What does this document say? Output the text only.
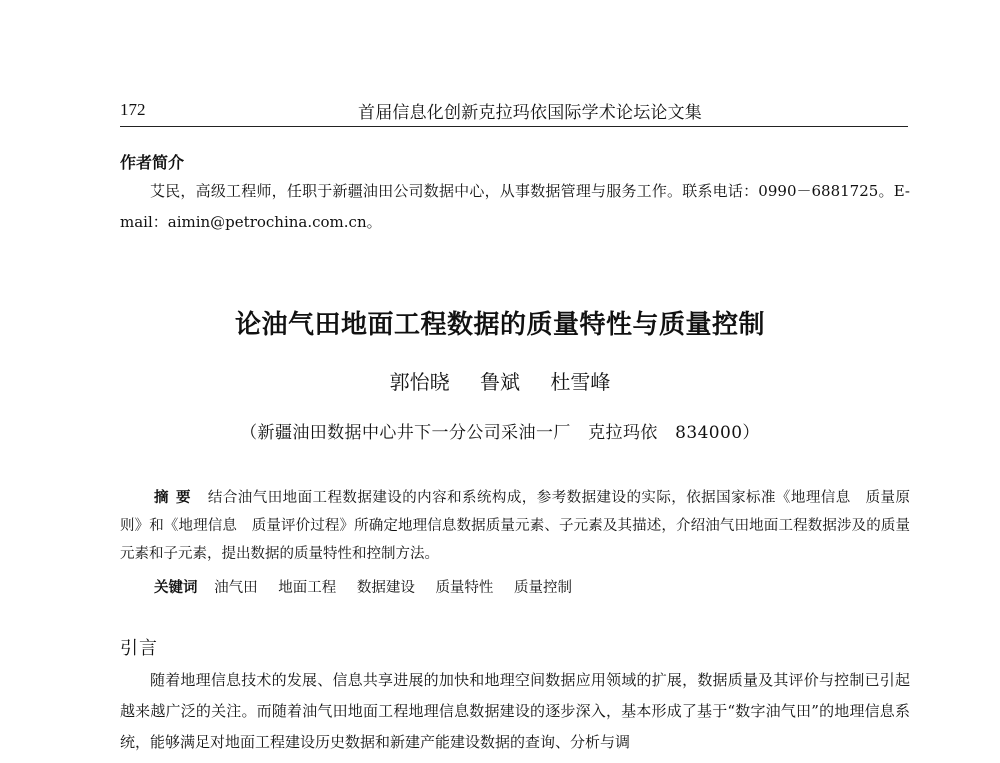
172	首届信息化创新克拉玛依国际学术论坛论文集
作者简介
艾民，高级工程师，任职于新疆油田公司数据中心，从事数据管理与服务工作。联系电话：0990－6881725。E-mail：aimin@petrochina.com.cn。
论油气田地面工程数据的质量特性与质量控制
郭怡晓 鲁斌 杜雪峰
（新疆油田数据中心井下一分公司采油一厂　克拉玛依　834000）
摘要 结合油气田地面工程数据建设的内容和系统构成，参考数据建设的实际，依据国家标准《地理信息　质量原则》和《地理信息　质量评价过程》所确定地理信息数据质量元素、子元素及其描述，介绍油气田地面工程数据涉及的质量元素和子元素，提出数据的质量特性和控制方法。
关键词 油气田 地面工程 数据建设 质量特性 质量控制
引言
随着地理信息技术的发展、信息共享进展的加快和地理空间数据应用领域的扩展，数据质量及其评价与控制已引起越来越广泛的关注。而随着油气田地面工程地理信息数据建设的逐步深入，基本形成了基于“数字油气田”的地理信息系统，能够满足对地面工程建设历史数据和新建产能建设数据的查询、分析与调
